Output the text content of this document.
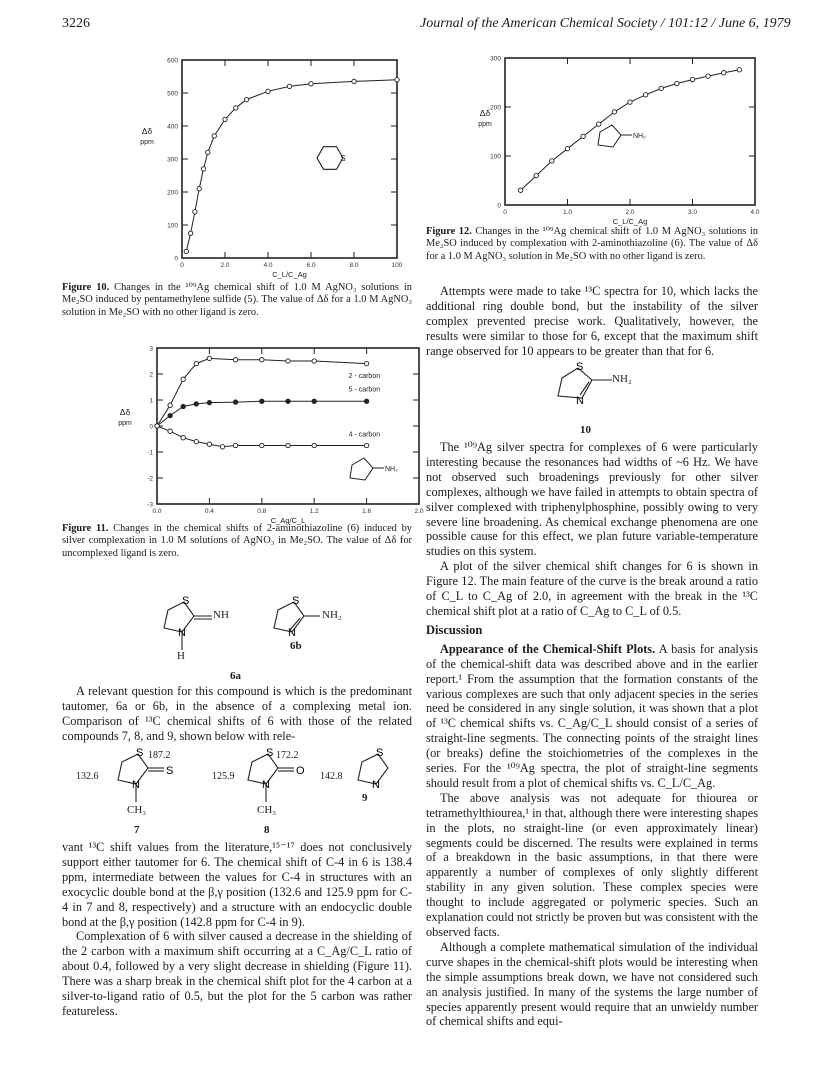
3226	Journal of the American Chemical Society / 101:12 / June 6, 1979
600
500
400
300
200
100
0
0	2.0	4.0	6.0	8.0	100
C_L/C_Ag
S
Δδ
ppm
Figure 10. Changes in the ¹⁰⁹Ag chemical shift of 1.0 M AgNO₃ solutions in Me₂SO induced by pentamethylene sulfide (5). The value of Δδ for a 1.0 M AgNO₃ solution in Me₂SO with no other ligand is zero.
3
2
1
0
-1
-2
-3
0.0	0.4	0.8	1.2	1.6	2.0
C_Ag/C_L
2 - carbon
5 - carbon
4 - carbon
NH₂
Δδ
ppm
Figure 11. Changes in the chemical shifts of 2-aminothiazoline (6) induced by silver complexation in 1.0 M solutions of AgNO₃ in Me₂SO. The value of Δδ for uncomplexed ligand is zero.
S
N
S
N
NH	NH₂
H
6b
6a

A relevant question for this compound is which is the predominant tautomer, 6a or 6b, in the absence of a complexing metal ion. Comparison of ¹³C chemical shifts of 6 with those of the related compounds 7, 8, and 9, shown below with rele-

S
S
N
S
O
N
S
N
187.2
132.6
172.2
125.9	142.8
CH₃	CH₃
9
7	8

vant ¹³C shift values from the literature,¹⁵⁻¹⁷ does not conclusively support either tautomer for 6. The chemical shift of C-4 in 6 is 138.4 ppm, intermediate between the values for C-4 in structures with an exocyclic double bond at the β,γ position (132.6 and 125.9 ppm for C-4 in 7 and 8, respectively) and a structure with an endocyclic double bond at the β,γ position (142.8 ppm for C-4 in 9).

Complexation of 6 with silver caused a decrease in the shielding of the 2 carbon with a maximum shift occurring at a C_Ag/C_L ratio of about 0.4, followed by a very slight decrease in shielding (Figure 11). There was a sharp break in the chemical shift plot for the 4 carbon at a silver-to-ligand ratio of 0.5, but the plot for the 5 carbon was rather featureless.

300
200
100
0
0	1.0	2.0	3.0	4.0
C_L/C_Ag
NH₂
Δδ
ppm
Figure 12. Changes in the ¹⁰⁹Ag chemical shift of 1.0 M AgNO₃ solutions in Me₂SO induced by complexation with 2-aminothiazoline (6). The value of Δδ for a 1.0 M AgNO₃ solution in Me₂SO with no other ligand is zero.

Attempts were made to take ¹³C spectra for 10, which lacks the additional ring double bond, but the instability of the silver complex prevented precise work. Qualitatively, however, the results were similar to those for 6, except that the maximum shift range observed for 10 appears to be greater than that for 6.

S
N
NH₂
10

The ¹⁰⁹Ag silver spectra for complexes of 6 were particularly interesting because the resonances had widths of ~6 Hz. We have not observed such broadenings previously for other silver complexes, although we have failed in attempts to obtain spectra of silver complexed with triphenylphosphine, possibly owing to very severe line broadening. As chemical exchange phenomena are one possible cause for this effect, we plan future variable-temperature studies on this system.

A plot of the silver chemical shift changes for 6 is shown in Figure 12. The main feature of the curve is the break around a ratio of C_L to C_Ag of 2.0, in agreement with the break in the ¹³C chemical shift plot at a ratio of C_Ag to C_L of 0.5.

Discussion

Appearance of the Chemical-Shift Plots. A basis for analysis of the chemical-shift data was described above and in the earlier report.¹ From the assumption that the formation constants of the various complexes are such that only adjacent species in the series need be considered in any single solution, it was shown that a plot of ¹³C chemical shifts vs. C_Ag/C_L should consist of a series of straight-line segments. The connecting points of the straight lines (or breaks) define the stoichiometries of the complexes in the series. For the ¹⁰⁹Ag spectra, the plot of straight-line segments should result from a plot of chemical shifts vs. C_L/C_Ag.

The above analysis was not adequate for thiourea or tetramethylthiourea,¹ in that, although there were interesting shapes in the plots, no straight-line (or even approximately linear) segments could be discerned. The results were explained in terms of a breakdown in the basic assumptions, in that there were apparently a number of complexes of only slightly different stability in any given solution. These complex species were thought to include aggregated or polymeric species. Such an explanation could not strictly be proven but was consistent with the observed facts.

Although a complete mathematical simulation of the individual curve shapes in the chemical-shift plots would be interesting when the simple assumptions break down, we have not considered such an analysis justified. In many of the systems the large number of species apparently present would require that an unwieldy number of chemical shifts and equi-
